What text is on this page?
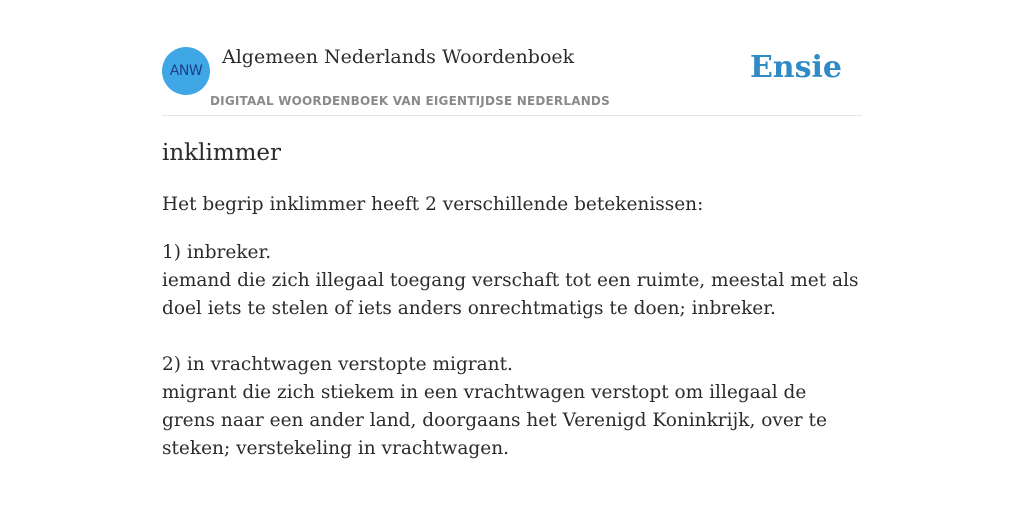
ANW
Algemeen Nederlands Woordenboek
DIGITAAL WOORDENBOEK VAN EIGENTIJDSE NEDERLANDS
Ensie
inklimmer

Het begrip inklimmer heeft 2 verschillende betekenissen:

1) inbreker.
iemand die zich illegaal toegang verschaft tot een ruimte, meestal met als doel iets te stelen of iets anders onrechtmatigs te doen; inbreker.

2) in vrachtwagen verstopte migrant.
migrant die zich stiekem in een vrachtwagen verstopt om illegaal de grens naar een ander land, doorgaans het Verenigd Koninkrijk, over te steken; verstekeling in vrachtwagen.
